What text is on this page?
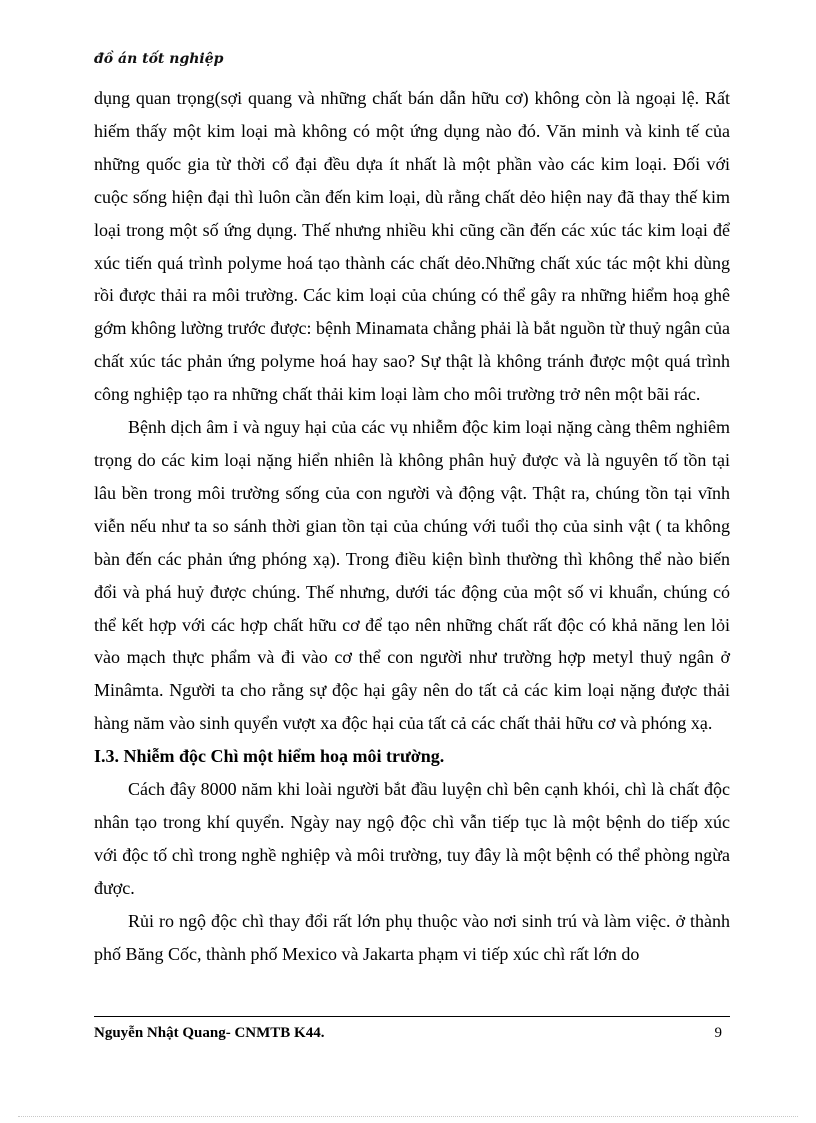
đồ án tốt nghiệp

dụng quan trọng(sợi quang và những chất bán dẫn hữu cơ) không còn là ngoại lệ. Rất hiếm thấy một kim loại mà không có một ứng dụng nào đó. Văn minh và kinh tế của những quốc gia từ thời cổ đại đều dựa ít nhất là một phần vào các kim loại. Đối với cuộc sống hiện đại thì luôn cần đến kim loại, dù rằng chất dẻo hiện nay đã thay thế kim loại trong một số ứng dụng. Thế nhưng nhiều khi cũng cần đến các xúc tác kim loại để xúc tiến quá trình polyme hoá tạo thành các chất dẻo.Những chất xúc tác một khi dùng rồi được thải ra môi trường. Các kim loại của chúng có thể gây ra những hiểm hoạ ghê gớm không lường trước được: bệnh Minamata chẳng phải là bắt nguồn từ thuỷ ngân của chất xúc tác phản ứng polyme hoá hay sao? Sự thật là không tránh được một quá trình công nghiệp tạo ra những chất thải kim loại làm cho môi trường trở nên một bãi rác.

Bệnh dịch âm ỉ và nguy hại của các vụ nhiễm độc kim loại nặng càng thêm nghiêm trọng do các kim loại nặng hiển nhiên là không phân huỷ được và là nguyên tố tồn tại lâu bền trong môi trường sống của con người và động vật. Thật ra, chúng tồn tại vĩnh viễn nếu như ta so sánh thời gian tồn tại của chúng với tuổi thọ của sinh vật ( ta không bàn đến các phản ứng phóng xạ). Trong điều kiện bình thường thì không thể nào biến đổi và phá huỷ được chúng. Thế nhưng, dưới tác động của một số vi khuẩn, chúng có thể kết hợp với các hợp chất hữu cơ để tạo nên những chất rất độc có khả năng len lỏi vào mạch thực phẩm và đi vào cơ thể con người như trường hợp metyl thuỷ ngân ở Minâmta. Người ta cho rằng sự độc hại gây nên do tất cả các kim loại nặng được thải hàng năm vào sinh quyển vượt xa độc hại của tất cả các chất thải hữu cơ và phóng xạ.

I.3. Nhiễm độc Chì một hiểm hoạ môi trường.

Cách đây 8000 năm khi loài người bắt đầu luyện chì bên cạnh khói, chì là chất độc nhân tạo trong khí quyển. Ngày nay ngộ độc chì vẫn tiếp tục là một bệnh do tiếp xúc với độc tố chì trong nghề nghiệp và môi trường, tuy đây là một bệnh có thể phòng ngừa được.

Rủi ro ngộ độc chì thay đổi rất lớn phụ thuộc vào nơi sinh trú và làm việc. ở thành phố Băng Cốc, thành phố Mexico và Jakarta phạm vi tiếp xúc chì rất lớn do

Nguyễn Nhật Quang- CNMTB K44.	9
